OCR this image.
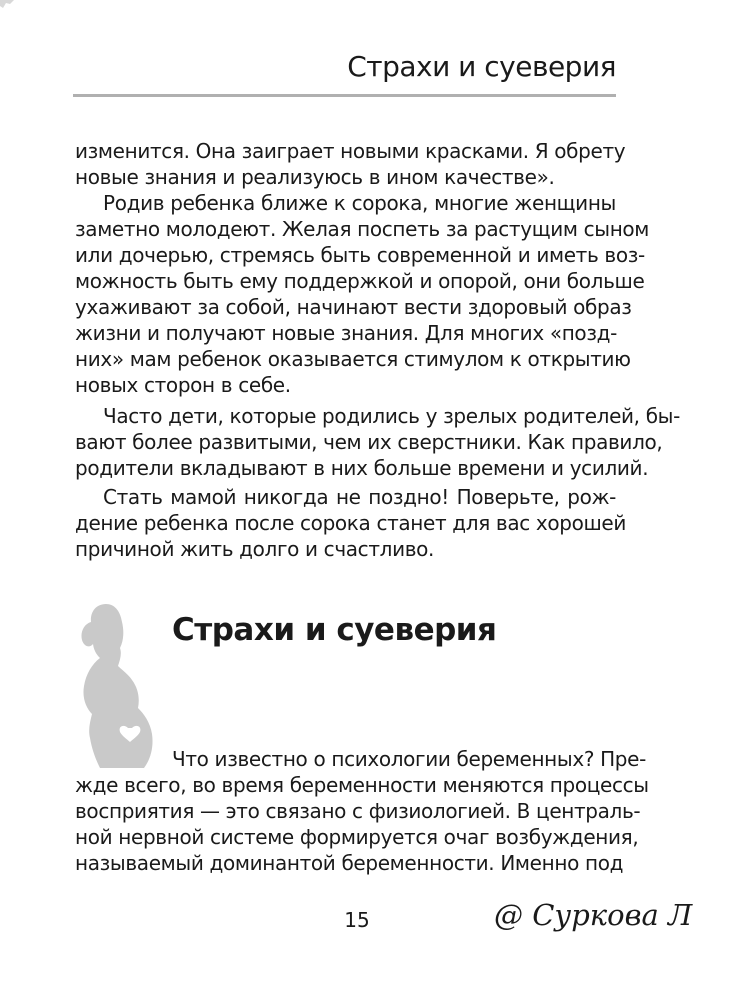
Страхи и суеверия
изменится. Она заиграет новыми красками. Я обрету
новые знания и реализуюсь в ином качестве».
Родив ребенка ближе к сорока, многие женщины
заметно молодеют. Желая поспеть за растущим сыном
или дочерью, стремясь быть современной и иметь воз-
можность быть ему поддержкой и опорой, они больше
ухаживают за собой, начинают вести здоровый образ
жизни и получают новые знания. Для многих «позд-
них» мам ребенок оказывается стимулом к открытию
новых сторон в себе.
Часто дети, которые родились у зрелых родителей, бы-
вают более развитыми, чем их сверстники. Как правило,
родители вкладывают в них больше времени и усилий.
Стать мамой никогда не поздно! Поверьте, рож-
дение ребенка после сорока станет для вас хорошей
причиной жить долго и счастливо.
Страхи и суеверия
Что известно о психологии беременных? Пре-
жде всего, во время беременности меняются процессы
восприятия — это связано с физиологией. В централь-
ной нервной системе формируется очаг возбуждения,
называемый доминантой беременности. Именно под
15	@ Суркова Л
